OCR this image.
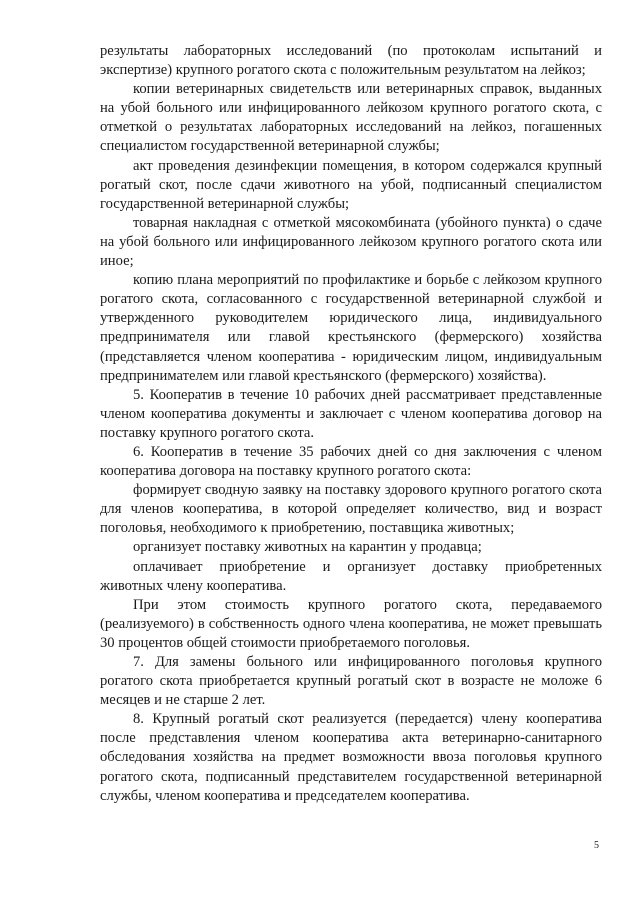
результаты лабораторных исследований (по протоколам испытаний и экспертизе) крупного рогатого скота с положительным результатом на лейкоз;

копии ветеринарных свидетельств или ветеринарных справок, выданных на убой больного или инфицированного лейкозом крупного рогатого скота, с отметкой о результатах лабораторных исследований на лейкоз, погашенных специалистом государственной ветеринарной службы;

акт проведения дезинфекции помещения, в котором содержался крупный рогатый скот, после сдачи животного на убой, подписанный специалистом государственной ветеринарной службы;

товарная накладная с отметкой мясокомбината (убойного пункта) о сдаче на убой больного или инфицированного лейкозом крупного рогатого скота или иное;

копию плана мероприятий по профилактике и борьбе с лейкозом крупного рогатого скота, согласованного с государственной ветеринарной службой и утвержденного руководителем юридического лица, индивидуального предпринимателя или главой крестьянского (фермерского) хозяйства (представляется членом кооператива - юридическим лицом, индивидуальным предпринимателем или главой крестьянского (фермерского) хозяйства).

5. Кооператив в течение 10 рабочих дней рассматривает представленные членом кооператива документы и заключает с членом кооператива договор на поставку крупного рогатого скота.

6. Кооператив в течение 35 рабочих дней со дня заключения с членом кооператива договора на поставку крупного рогатого скота:

формирует сводную заявку на поставку здорового крупного рогатого скота для членов кооператива, в которой определяет количество, вид и возраст поголовья, необходимого к приобретению, поставщика животных;

организует поставку животных на карантин у продавца;

оплачивает приобретение и организует доставку приобретенных животных члену кооператива.

При этом стоимость крупного рогатого скота, передаваемого (реализуемого) в собственность одного члена кооператива, не может превышать 30 процентов общей стоимости приобретаемого поголовья.

7. Для замены больного или инфицированного поголовья крупного рогатого скота приобретается крупный рогатый скот в возрасте не моложе 6 месяцев и не старше 2 лет.

8. Крупный рогатый скот реализуется (передается) члену кооператива после представления членом кооператива акта ветеринарно-санитарного обследования хозяйства на предмет возможности ввоза поголовья крупного рогатого скота, подписанный представителем государственной ветеринарной службы, членом кооператива и председателем кооператива.

5
